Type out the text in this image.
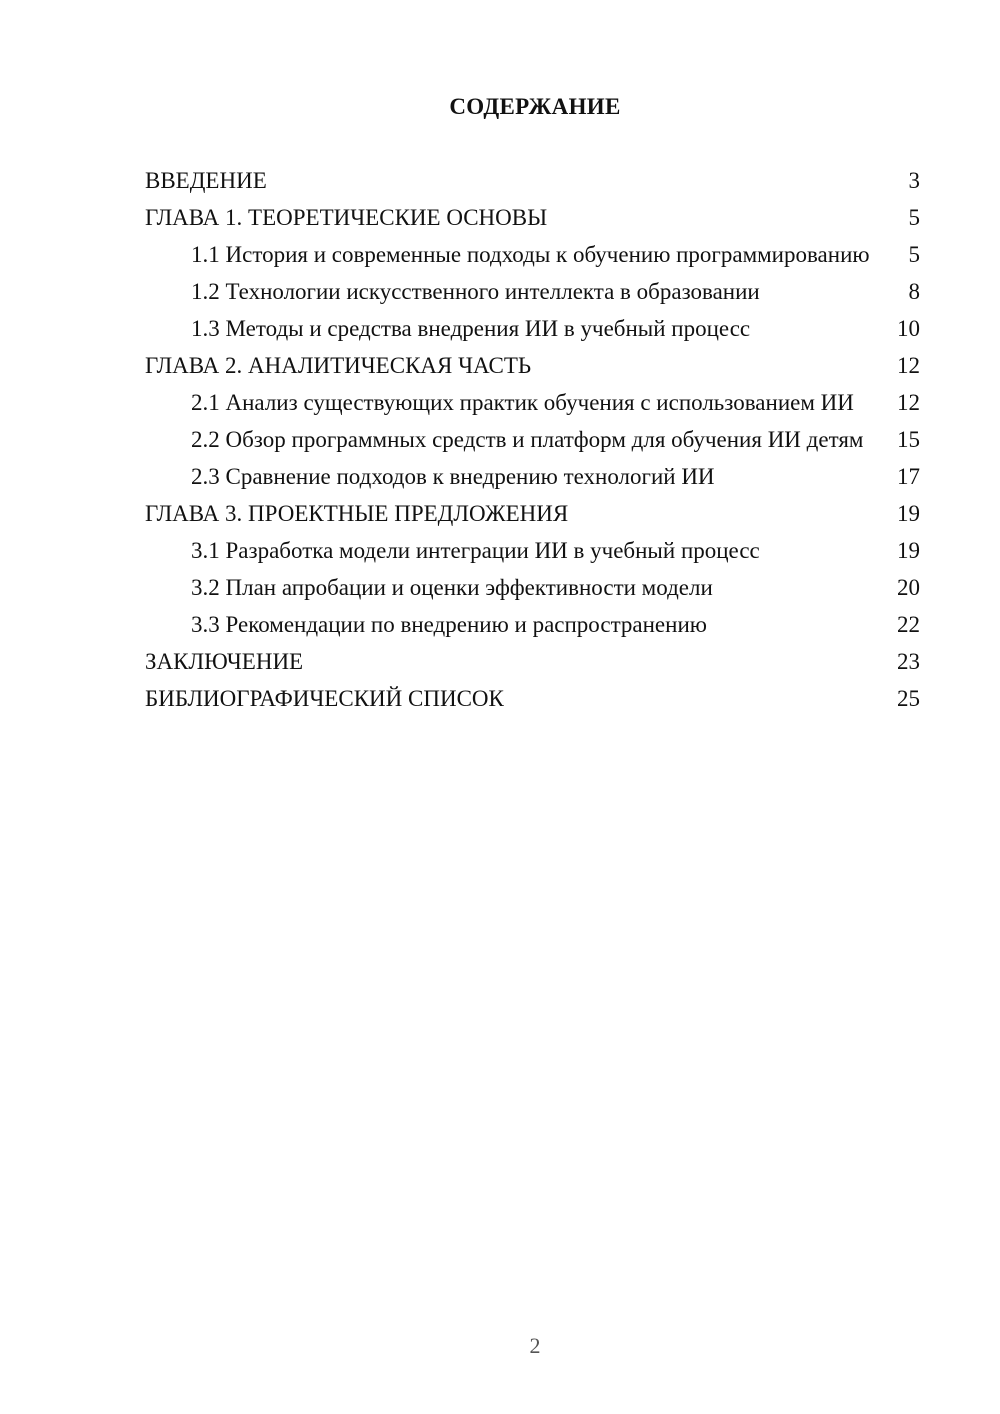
СОДЕРЖАНИЕ
ВВЕДЕНИЕ	3
ГЛАВА 1. ТЕОРЕТИЧЕСКИЕ ОСНОВЫ	5
1.1 История и современные подходы к обучению программированию	5
1.2 Технологии искусственного интеллекта в образовании	8
1.3 Методы и средства внедрения ИИ в учебный процесс	10
ГЛАВА 2. АНАЛИТИЧЕСКАЯ ЧАСТЬ	12
2.1 Анализ существующих практик обучения с использованием ИИ	12
2.2 Обзор программных средств и платформ для обучения ИИ детям	15
2.3 Сравнение подходов к внедрению технологий ИИ	17
ГЛАВА 3. ПРОЕКТНЫЕ ПРЕДЛОЖЕНИЯ	19
3.1 Разработка модели интеграции ИИ в учебный процесс	19
3.2 План апробации и оценки эффективности модели	20
3.3 Рекомендации по внедрению и распространению	22
ЗАКЛЮЧЕНИЕ	23
БИБЛИОГРАФИЧЕСКИЙ СПИСОК	25
2
